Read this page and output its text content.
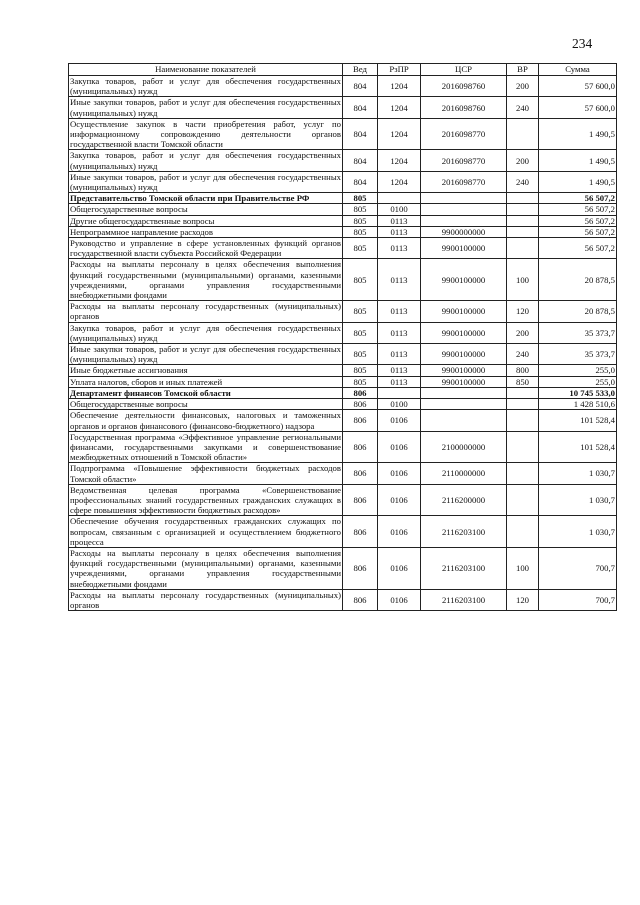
234
Наименование показателей	Вед	РзПР	ЦСР	ВР	Сумма
Закупка товаров, работ и услуг для обеспечения государственных (муниципальных) нужд	804	1204	2016098760	200	57 600,0
Иные закупки товаров, работ и услуг для обеспечения государственных (муниципальных) нужд	804	1204	2016098760	240	57 600,0
Осуществление закупок в части приобретения работ, услуг по информационному сопровождению деятельности органов государственной власти Томской области	804	1204	2016098770		1 490,5
Закупка товаров, работ и услуг для обеспечения государственных (муниципальных) нужд	804	1204	2016098770	200	1 490,5
Иные закупки товаров, работ и услуг для обеспечения государственных (муниципальных) нужд	804	1204	2016098770	240	1 490,5
Представительство Томской области при Правительстве РФ	805				56 507,2
Общегосударственные вопросы	805	0100			56 507,2
Другие общегосударственные вопросы	805	0113			56 507,2
Непрограммное направление расходов	805	0113	9900000000		56 507,2
Руководство и управление в сфере установленных функций органов государственной власти субъекта Российской Федерации	805	0113	9900100000		56 507,2
Расходы на выплаты персоналу в целях обеспечения выполнения функций государственными (муниципальными) органами, казенными учреждениями, органами управления государственными внебюджетными фондами	805	0113	9900100000	100	20 878,5
Расходы на выплаты персоналу государственных (муниципальных) органов	805	0113	9900100000	120	20 878,5
Закупка товаров, работ и услуг для обеспечения государственных (муниципальных) нужд	805	0113	9900100000	200	35 373,7
Иные закупки товаров, работ и услуг для обеспечения государственных (муниципальных) нужд	805	0113	9900100000	240	35 373,7
Иные бюджетные ассигнования	805	0113	9900100000	800	255,0
Уплата налогов, сборов и иных платежей	805	0113	9900100000	850	255,0
Департамент финансов Томской области	806				10 745 533,0
Общегосударственные вопросы	806	0100			1 428 510,6
Обеспечение деятельности финансовых, налоговых и таможенных органов и органов финансового (финансово-бюджетного) надзора	806	0106			101 528,4
Государственная программа «Эффективное управление региональными финансами, государственными закупками и совершенствование межбюджетных отношений в Томской области»	806	0106	2100000000		101 528,4
Подпрограмма «Повышение эффективности бюджетных расходов Томской области»	806	0106	2110000000		1 030,7
Ведомственная целевая программа «Совершенствование профессиональных знаний государственных гражданских служащих в сфере повышения эффективности бюджетных расходов»	806	0106	2116200000		1 030,7
Обеспечение обучения государственных гражданских служащих по вопросам, связанным с организацией и осуществлением бюджетного процесса	806	0106	2116203100		1 030,7
Расходы на выплаты персоналу в целях обеспечения выполнения функций государственными (муниципальными) органами, казенными учреждениями, органами управления государственными внебюджетными фондами	806	0106	2116203100	100	700,7
Расходы на выплаты персоналу государственных (муниципальных) органов	806	0106	2116203100	120	700,7
